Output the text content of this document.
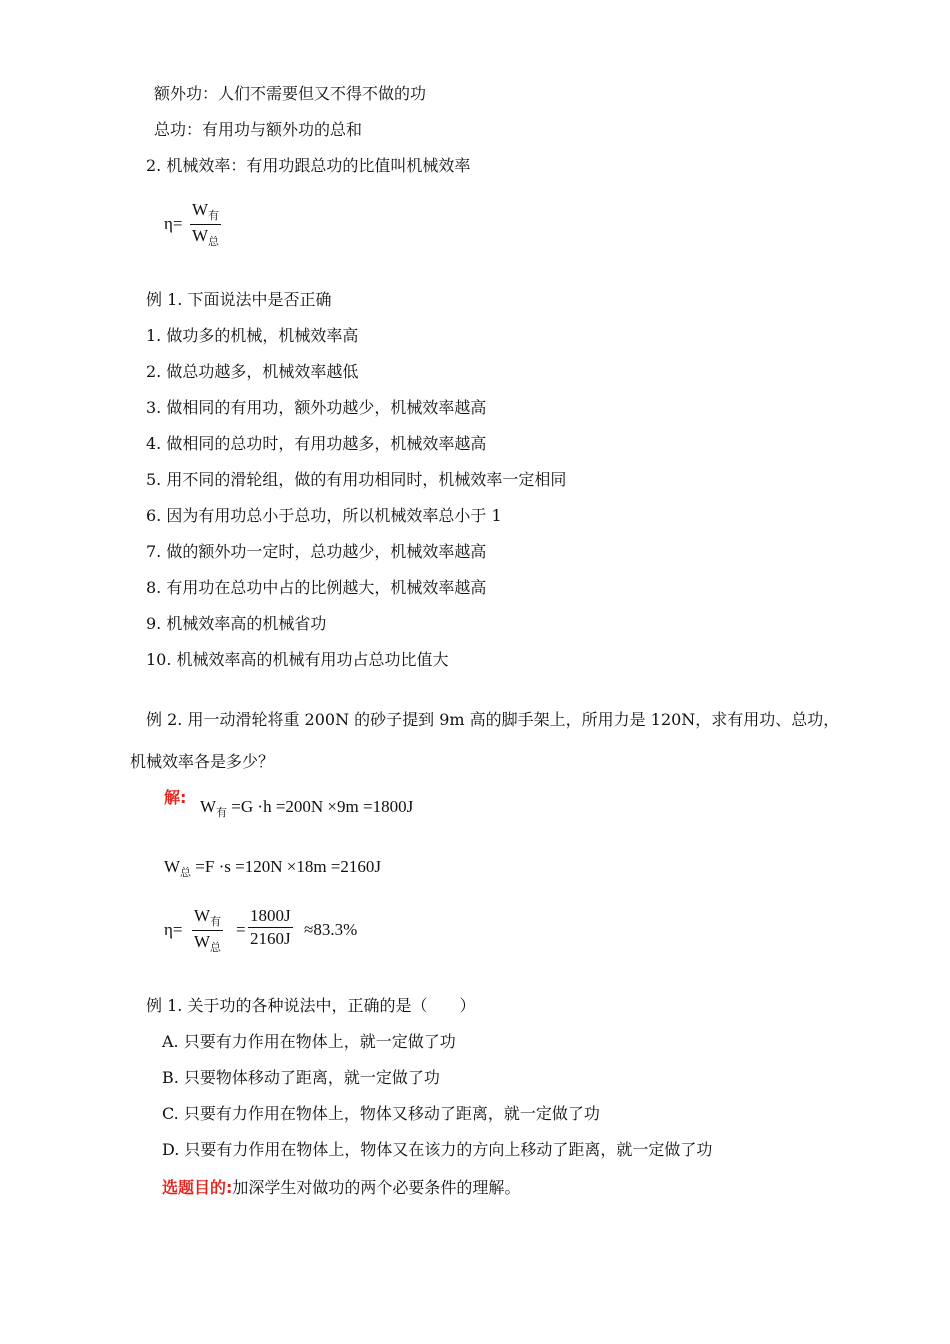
额外功：人们不需要但又不得不做的功
总功：有用功与额外功的总和
2. 机械效率：有用功跟总功的比值叫机械效率
η=
$W_有$
$W_总$
例 1. 下面说法中是否正确
1. 做功多的机械，机械效率高
2. 做总功越多，机械效率越低
3. 做相同的有用功，额外功越少，机械效率越高
4. 做相同的总功时，有用功越多，机械效率越高
5. 用不同的滑轮组，做的有用功相同时，机械效率一定相同
6. 因为有用功总小于总功，所以机械效率总小于 1
7. 做的额外功一定时，总功越少，机械效率越高
8. 有用功在总功中占的比例越大，机械效率越高
9. 机械效率高的机械省功
10. 机械效率高的机械有用功占总功比值大
例 2. 用一动滑轮将重 200N 的砂子提到 9m 高的脚手架上，所用力是 120N，求有用功、总功，
机械效率各是多少？
解: $W_有 =G \cdot h =200N \times 9m =1800J$
$W_总 =F \cdot s =120N \times 18m =2160J$
η=
$W_有$
$W_总$
= $\frac{1800J}{2160J} \approx 83.3\%$
例 1. 关于功的各种说法中，正确的是（　　）
A. 只要有力作用在物体上，就一定做了功
B. 只要物体移动了距离，就一定做了功
C. 只要有力作用在物体上，物体又移动了距离，就一定做了功
D. 只要有力作用在物体上，物体又在该力的方向上移动了距离，就一定做了功
选题目的:加深学生对做功的两个必要条件的理解。
